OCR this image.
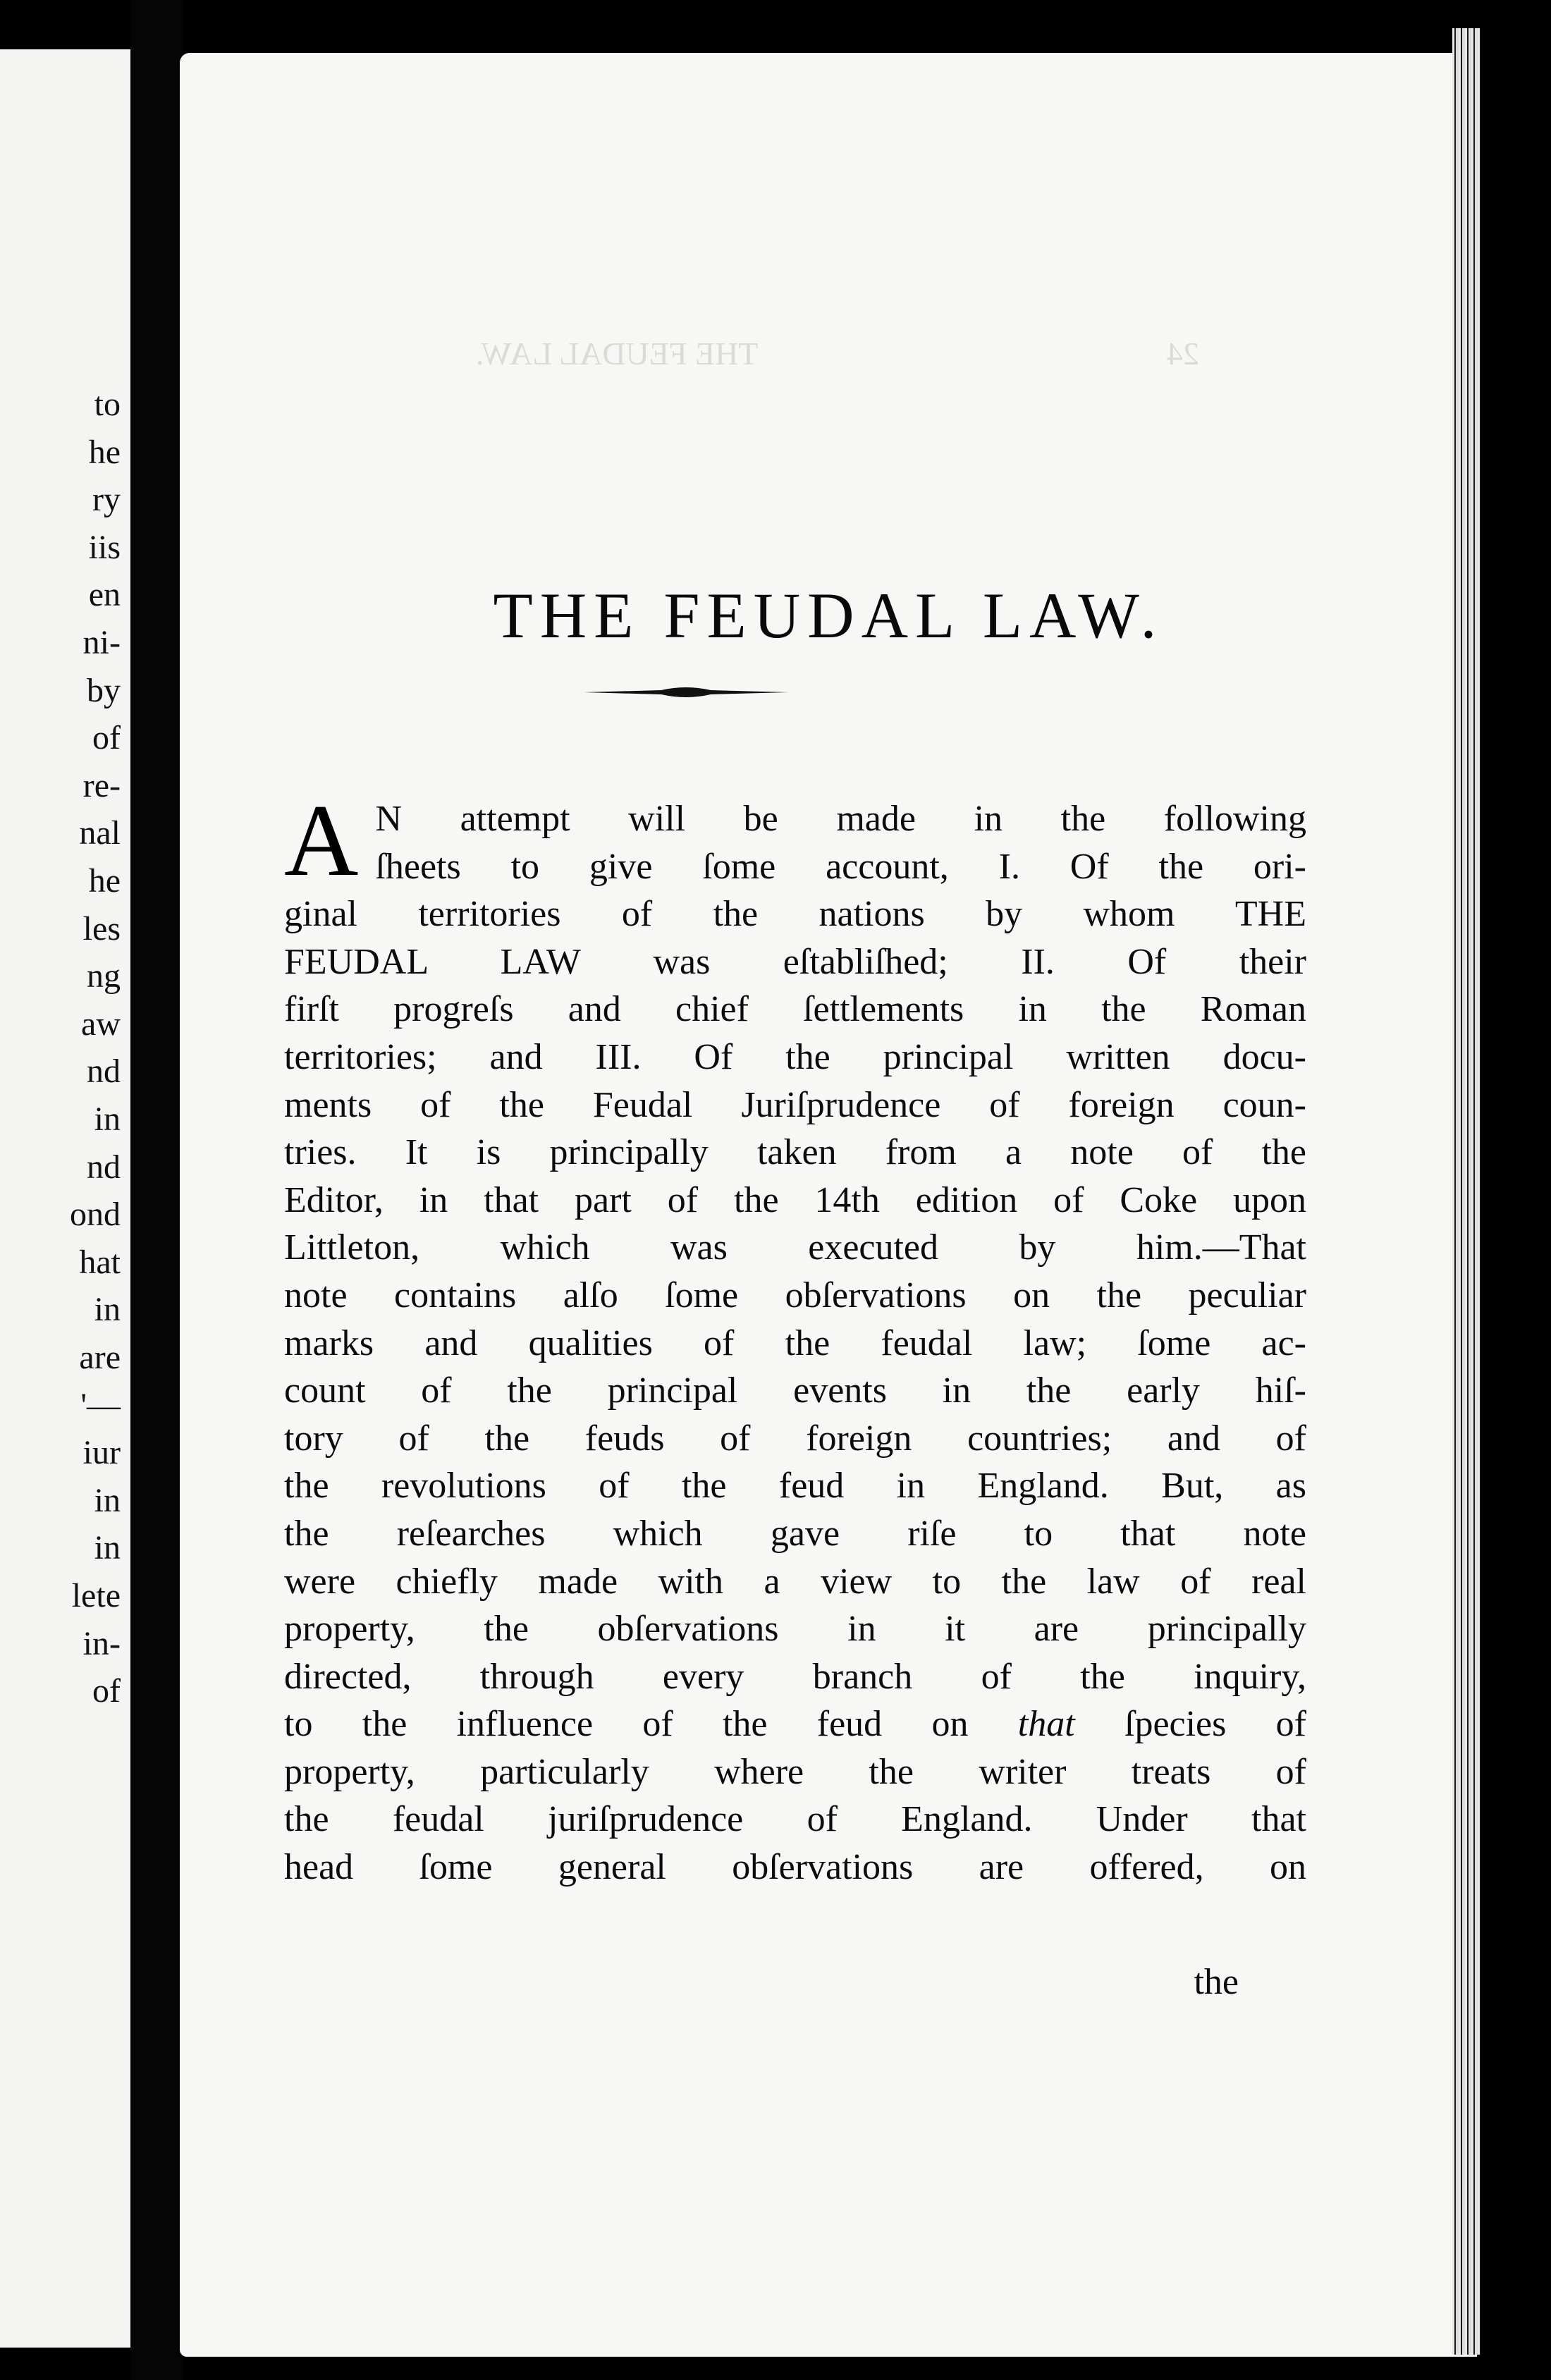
to
he
ry
iis
en
ni-
by
of
re-
nal
he
les
ng
aw
nd
in
nd
ond
hat
in
are
'—
iur
in
in
lete
in-
of
THE FEUDAL LAW.	24
THE FEUDAL LAW.
A N attempt will be made in the following
ſheets to give ſome account, I. Of the ori-
ginal territories of the nations by whom THE
FEUDAL LAW was eſtabliſhed; II. Of their
firſt progreſs and chief ſettlements in the Roman
territories; and III. Of the principal written docu-
ments of the Feudal Juriſprudence of foreign coun-
tries. It is principally taken from a note of the
Editor, in that part of the 14th edition of Coke upon
Littleton, which was executed by him.—That
note contains alſo ſome obſervations on the peculiar
marks and qualities of the feudal law; ſome ac-
count of the principal events in the early hiſ-
tory of the feuds of foreign countries; and of
the revolutions of the feud in England. But, as
the reſearches which gave riſe to that note
were chiefly made with a view to the law of real
property, the obſervations in it are principally
directed, through every branch of the inquiry,
to the influence of the feud on that ſpecies of
property, particularly where the writer treats of
the feudal juriſprudence of England. Under that
head ſome general obſervations are offered, on
the
